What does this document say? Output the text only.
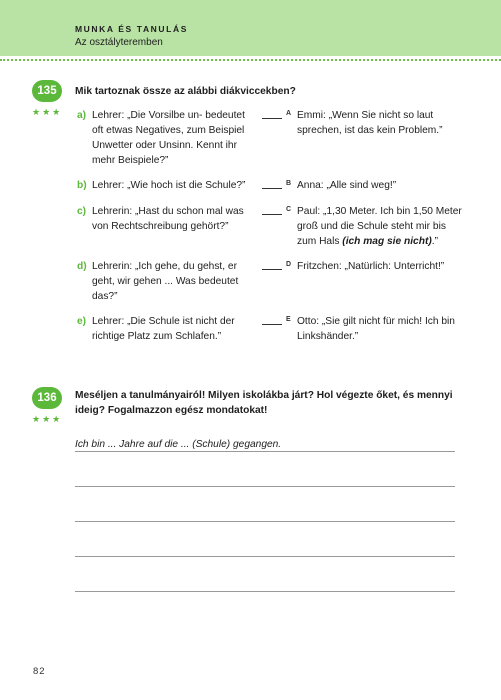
MUNKA ÉS TANULÁS
Az osztályteremben
135
★★★
Mik tartoznak össze az alábbi diákviccekben?
a) Lehrer: „Die Vorsilbe un- bedeutet oft etwas Negatives, zum Beispiel Unwetter oder Unsinn. Kennt ihr mehr Beispiele?”
A Emmi: „Wenn Sie nicht so laut sprechen, ist das kein Problem.”
b) Lehrer: „Wie hoch ist die Schule?”	B Anna: „Alle sind weg!”
c) Lehrerin: „Hast du schon mal was von Rechtschreibung gehört?”
C Paul: „1,30 Meter. Ich bin 1,50 Meter groß und die Schule steht mir bis zum Hals (ich mag sie nicht).”
d) Lehrerin: „Ich gehe, du gehst, er geht, wir gehen ... Was bedeutet das?”
D Fritzchen: „Natürlich: Unterricht!”
e) Lehrer: „Die Schule ist nicht der richtige Platz zum Schlafen.”
E Otto: „Sie gilt nicht für mich! Ich bin Linkshänder.”
136
★★★
Meséljen a tanulmányairól! Milyen iskolákba járt? Hol végezte őket, és mennyi ideig? Fogalmazzon egész mondatokat!
Ich bin ... Jahre auf die ... (Schule) gegangen.
82
